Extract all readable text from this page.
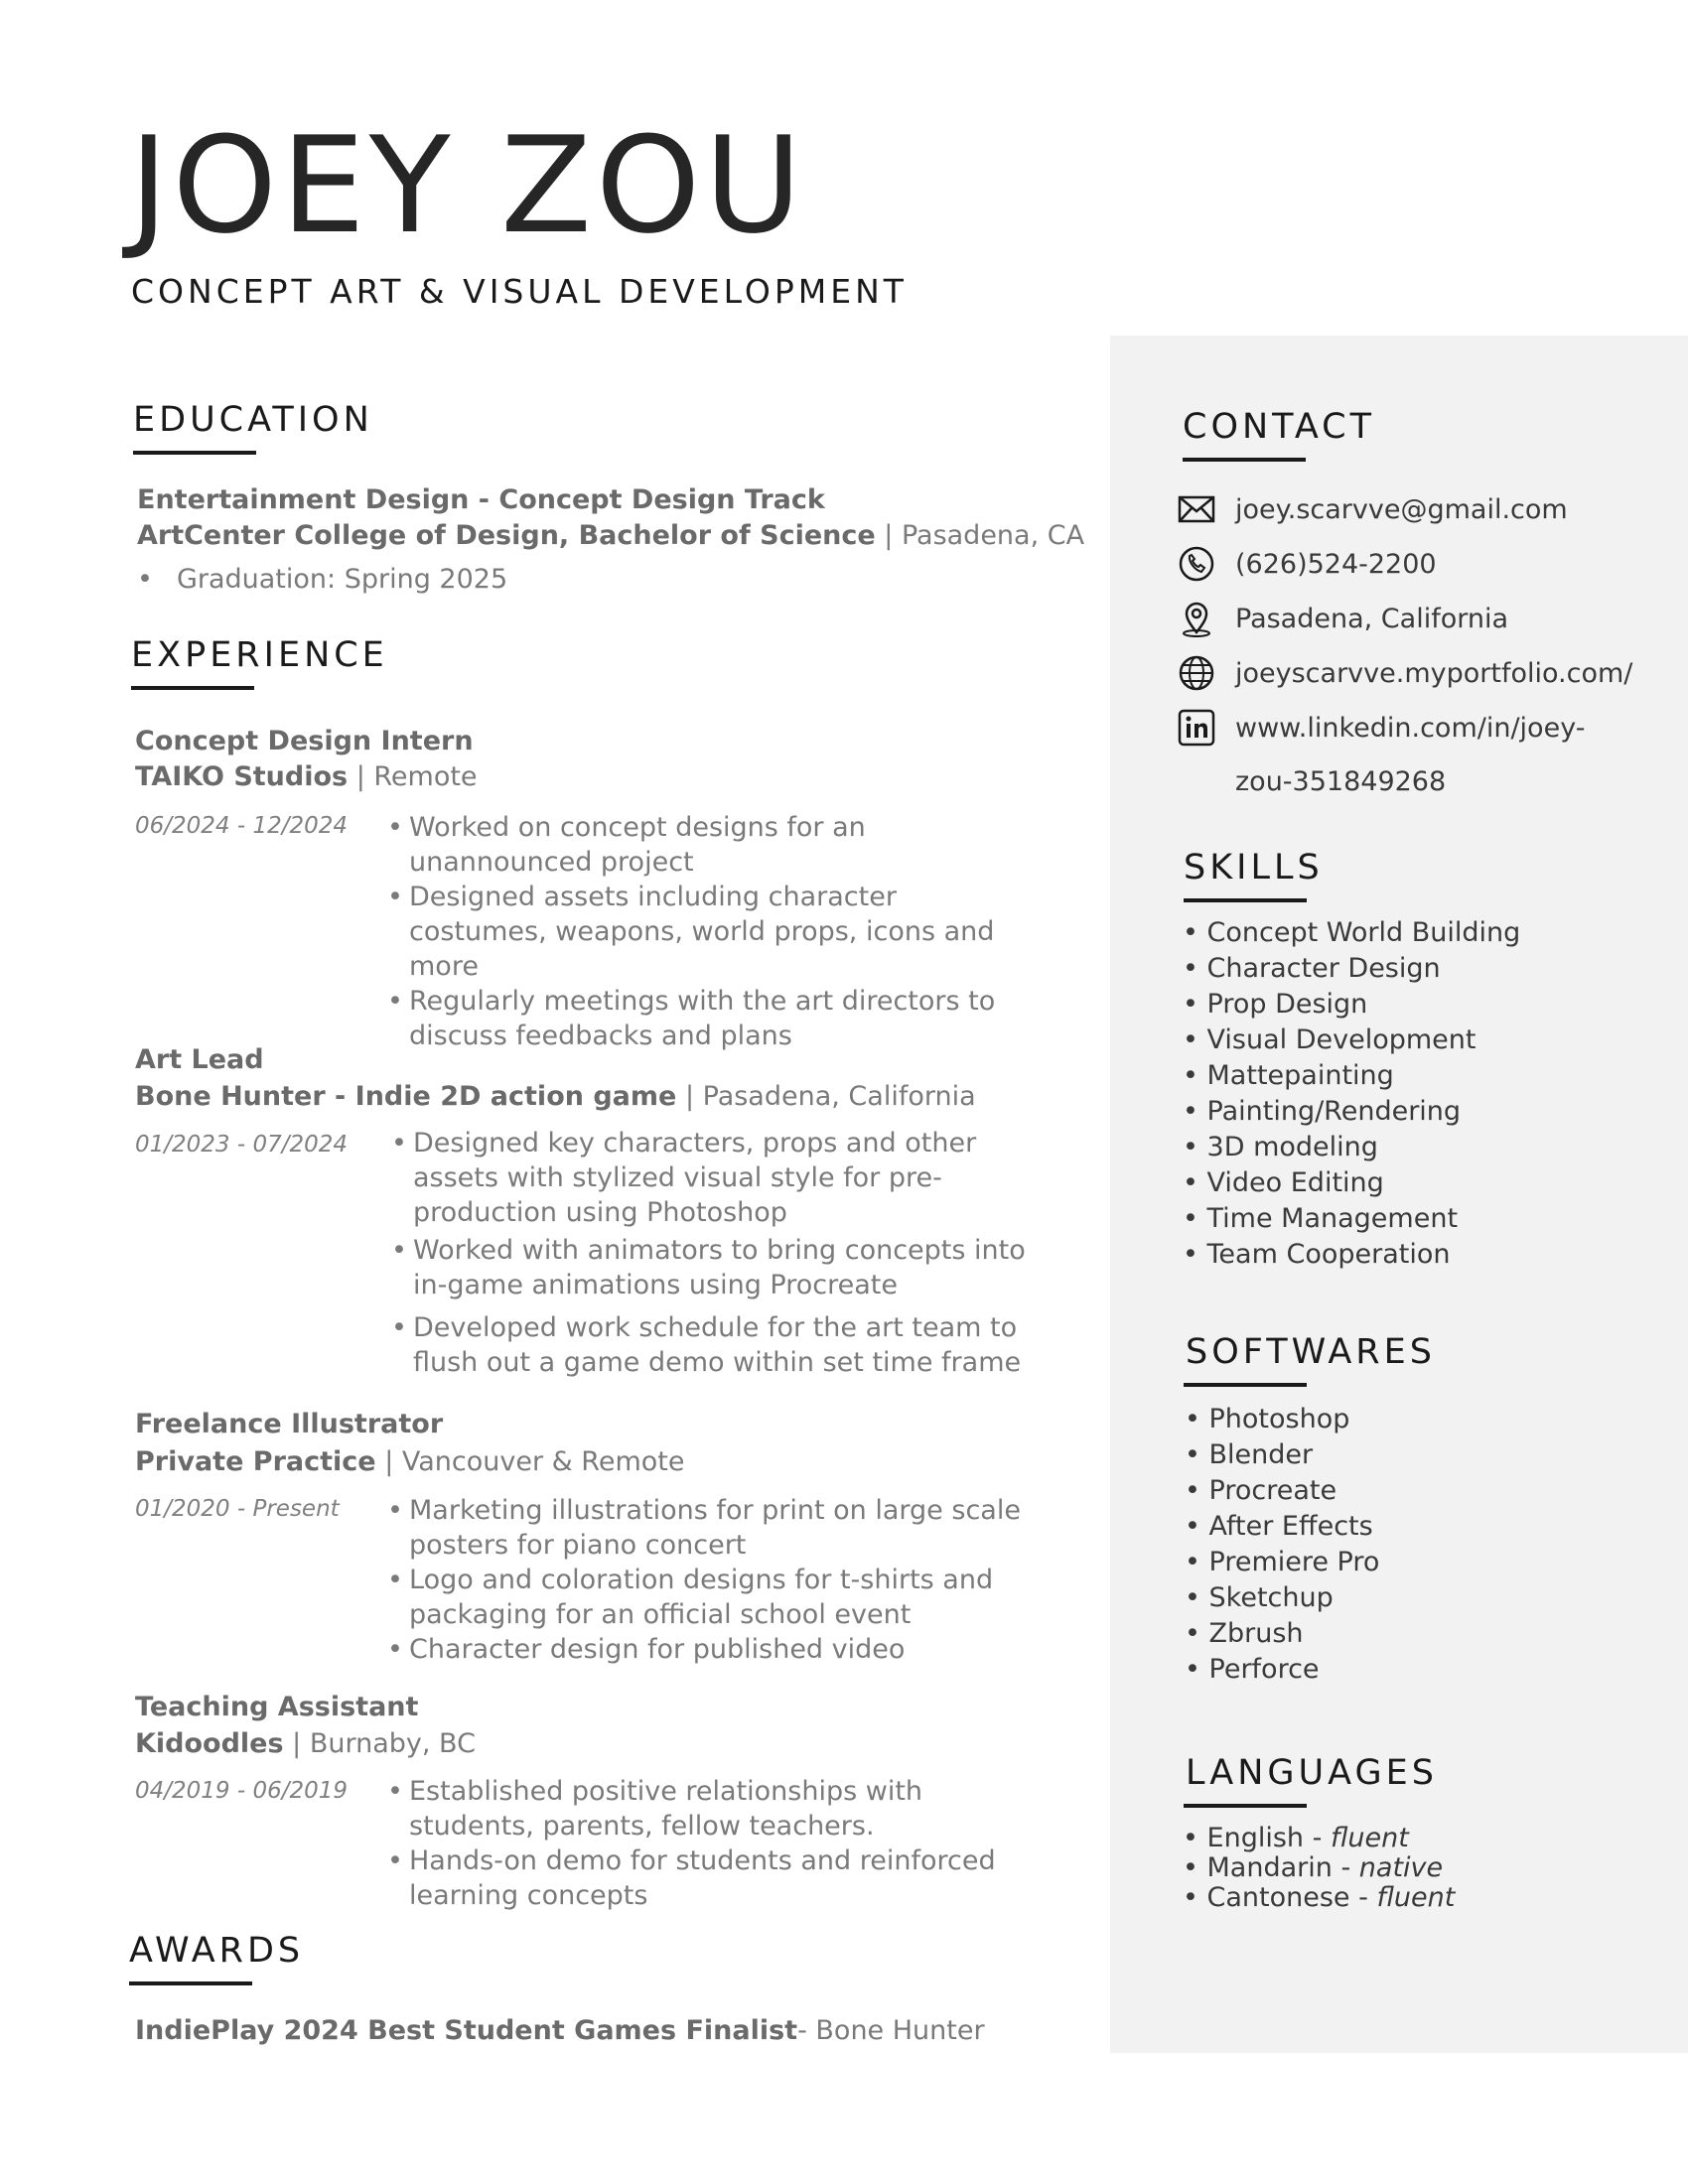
JOEY ZOU
CONCEPT ART & VISUAL DEVELOPMENT
EDUCATION
Entertainment Design - Concept Design Track
ArtCenter College of Design, Bachelor of Science | Pasadena, CA
• Graduation: Spring 2025
EXPERIENCE
Concept Design Intern
TAIKO Studios | Remote
06/2024 - 12/2024	• Worked on concept designs for an unannounced project
• Designed assets including character costumes, weapons, world props, icons and more
• Regularly meetings with the art directors to discuss feedbacks and plans
Art Lead
Bone Hunter - Indie 2D action game | Pasadena, California
01/2023 - 07/2024	• Designed key characters, props and other assets with stylized visual style for pre-production using Photoshop
• Worked with animators to bring concepts into in-game animations using Procreate
• Developed work schedule for the art team to flush out a game demo within set time frame
Freelance Illustrator
Private Practice | Vancouver & Remote
01/2020 - Present	• Marketing illustrations for print on large scale posters for piano concert
• Logo and coloration designs for t-shirts and packaging for an official school event
• Character design for published video
Teaching Assistant
Kidoodles | Burnaby, BC
04/2019 - 06/2019	• Established positive relationships with students, parents, fellow teachers.
• Hands-on demo for students and reinforced learning concepts
AWARDS
IndiePlay 2024 Best Student Games Finalist- Bone Hunter
CONTACT
joey.scarvve@gmail.com
(626)524-2200
Pasadena, California
joeyscarvve.myportfolio.com/
www.linkedin.com/in/joey-
zou-351849268
SKILLS
• Concept World Building
• Character Design
• Prop Design
• Visual Development
• Mattepainting
• Painting/Rendering
• 3D modeling
• Video Editing
• Time Management
• Team Cooperation
SOFTWARES
• Photoshop
• Blender
• Procreate
• After Effects
• Premiere Pro
• Sketchup
• Zbrush
• Perforce
LANGUAGES
• English - fluent
• Mandarin - native
• Cantonese - fluent
